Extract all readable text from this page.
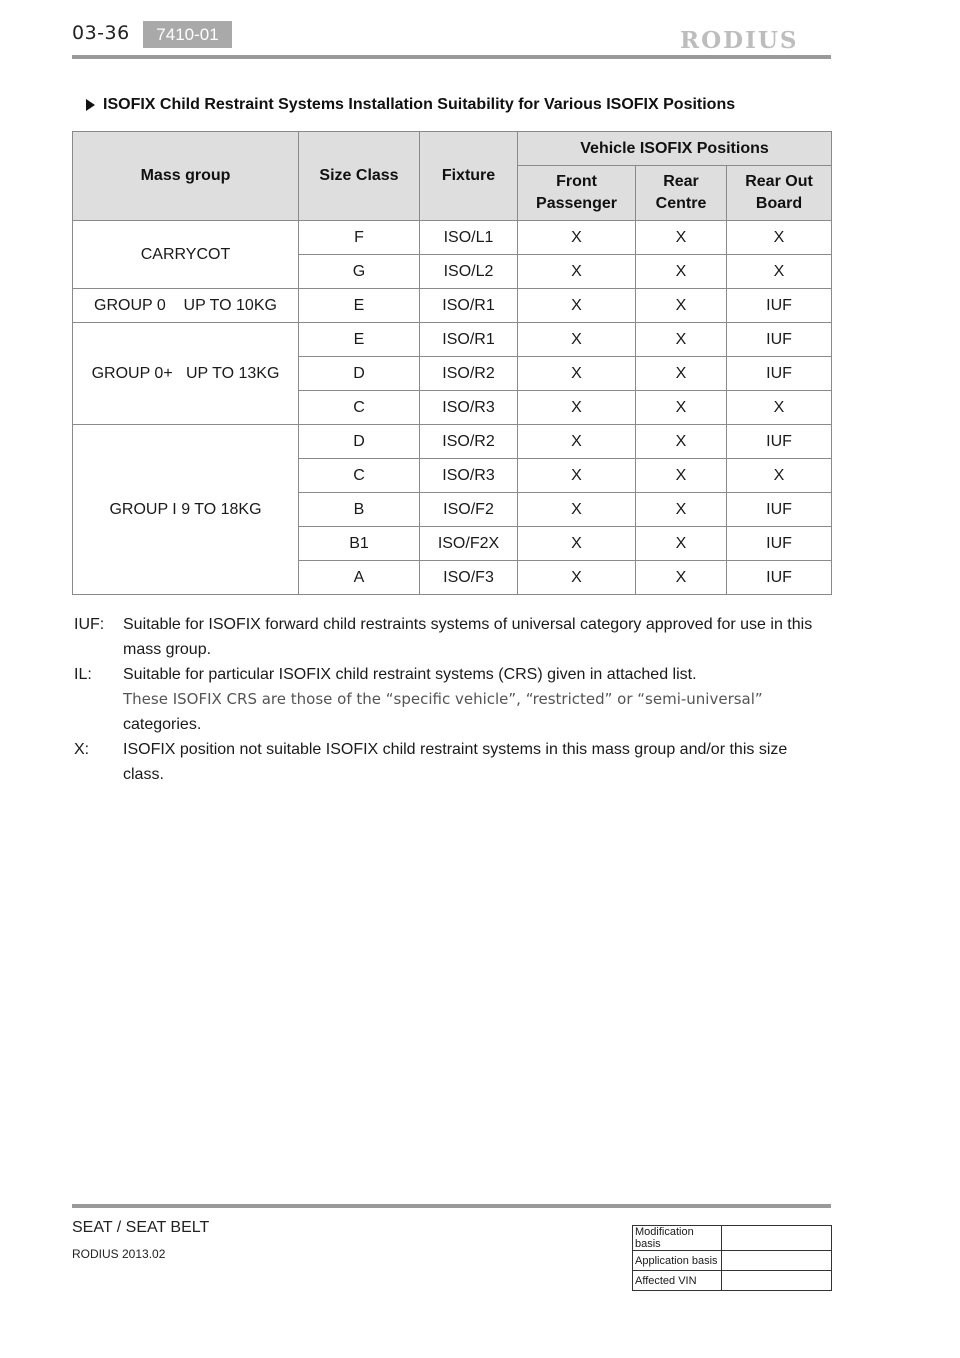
03-36	7410-01	RODIUS
ISOFIX Child Restraint Systems Installation Suitability for Various ISOFIX Positions
Mass group	Size Class	Fixture	Vehicle ISOFIX Positions		
			Front Passenger	Rear Centre	Rear Out Board
CARRYCOT	F	ISO/L1	X	X	X
	G	ISO/L2	X	X	X
GROUP 0    UP TO 10KG	E	ISO/R1	X	X	IUF
GROUP 0+   UP TO 13KG	E	ISO/R1	X	X	IUF
	D	ISO/R2	X	X	IUF
	C	ISO/R3	X	X	X
GROUP I 9 TO 18KG	D	ISO/R2	X	X	IUF
	C	ISO/R3	X	X	X
	B	ISO/F2	X	X	IUF
	B1	ISO/F2X	X	X	IUF
	A	ISO/F3	X	X	IUF
IUF:	Suitable for ISOFIX forward child restraints systems of universal category approved for use in this mass group.
IL:	Suitable for particular ISOFIX child restraint systems (CRS) given in attached list.
These ISOFIX CRS are those of the “specific vehicle”, “restricted” or “semi-universal”
categories.
X:	ISOFIX position not suitable ISOFIX child restraint systems in this mass group and/or this size class.
SEAT / SEAT BELT
RODIUS 2013.02
Modification basis	
Application basis	
Affected VIN	
